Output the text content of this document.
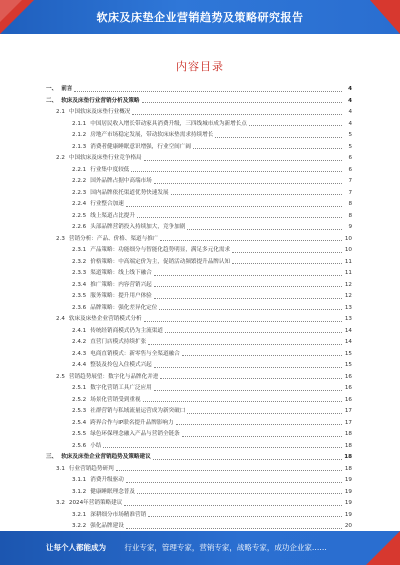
软床及床垫企业营销趋势及策略研究报告
内容目录
一、 前言	4
二、 软床及床垫行业营销分析及策略	4
2.1 中国软床及床垫行业概况	4
2.1.1 中国居民收入增长带动家具消费升级，三四线城市成为新增长点	4
2.1.2 房地产市场稳定发展，带动软床床垫需求持续增长	5
2.1.3 消费者健康睡眠意识增强，行业空间广阔	5
2.2 中国软床及床垫行业竞争格局	6
2.2.1 行业集中度较低	6
2.2.2 国外品牌占据中高端市场	7
2.2.3 国内品牌依托渠道优势快速发展	7
2.2.4 行业整合加速	8
2.2.5 线上渠道占比提升	8
2.2.6 头部品牌营销投入持续加大，竞争加剧	9
2.3 营销分析：产品、价格、渠道与推广	10
2.3.1 产品策略：功能细分与智能化趋势明显，满足多元化需求	10
2.3.2 价格策略：中高端定价为主，促销活动频繁提升品牌认知	11
2.3.3 渠道策略：线上线下融合	11
2.3.4 推广策略：内容营销兴起	12
2.3.5 服务策略：提升用户体验	12
2.3.6 品牌策略：强化差异化定位	13
2.4 软床及床垫企业营销模式分析	13
2.4.1 传统经销商模式仍为主流渠道	14
2.4.2 直营门店模式持续扩张	14
2.4.3 电商直销模式：新零售与全渠道融合	15
2.4.4 整装及拎包入住模式兴起	15
2.5 营销趋势展望：数字化与品牌化并进	16
2.5.1 数字化营销工具广泛应用	16
2.5.2 场景化营销受到重视	16
2.5.3 社群营销与私域流量运营成为新突破口	17
2.5.4 跨界合作与IP联名提升品牌影响力	17
2.5.5 绿色环保理念融入产品与营销全链条	18
2.5.6 小结	18
三、 软床及床垫企业营销趋势及策略建议	18
3.1 行业营销趋势研判	18
3.1.1 消费升级驱动	19
3.1.2 健康睡眠理念普及	19
3.2 2024年营销策略建议	19
3.2.1 深耕细分市场精准营销	19
3.2.2 强化品牌建设	20
让每个人都能成为 行业专家，管理专家，营销专家，战略专家，成功企业家……
